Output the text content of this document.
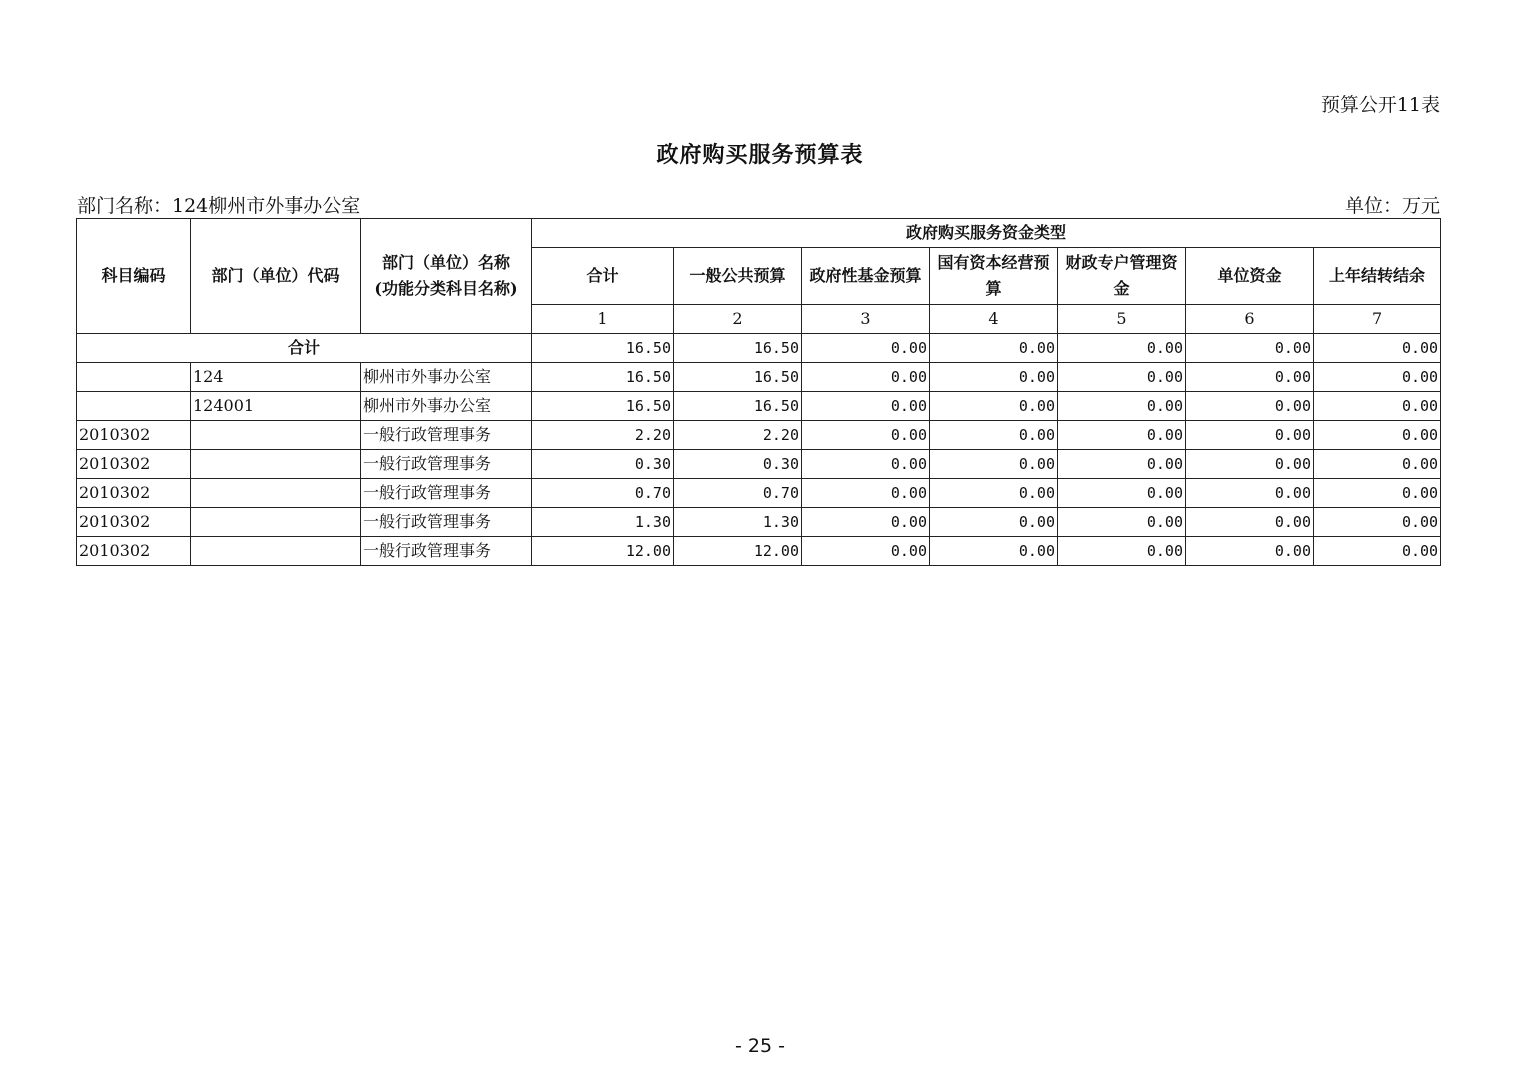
预算公开11表
政府购买服务预算表
部门名称：124柳州市外事办公室	单位：万元
科目编码	部门（单位）代码	部门（单位）名称
(功能分类科目名称)	政府购买服务资金类型						
			合计	一般公共预算	政府性基金预算	国有资本经营预算	财政专户管理资金	单位资金	上年结转结余
			1	2	3	4	5	6	7
合计			16.50	16.50	0.00	0.00	0.00	0.00	0.00
	124	柳州市外事办公室	16.50	16.50	0.00	0.00	0.00	0.00	0.00
	124001	柳州市外事办公室	16.50	16.50	0.00	0.00	0.00	0.00	0.00
2010302		一般行政管理事务	2.20	2.20	0.00	0.00	0.00	0.00	0.00
2010302		一般行政管理事务	0.30	0.30	0.00	0.00	0.00	0.00	0.00
2010302		一般行政管理事务	0.70	0.70	0.00	0.00	0.00	0.00	0.00
2010302		一般行政管理事务	1.30	1.30	0.00	0.00	0.00	0.00	0.00
2010302		一般行政管理事务	12.00	12.00	0.00	0.00	0.00	0.00	0.00
- 25 -
